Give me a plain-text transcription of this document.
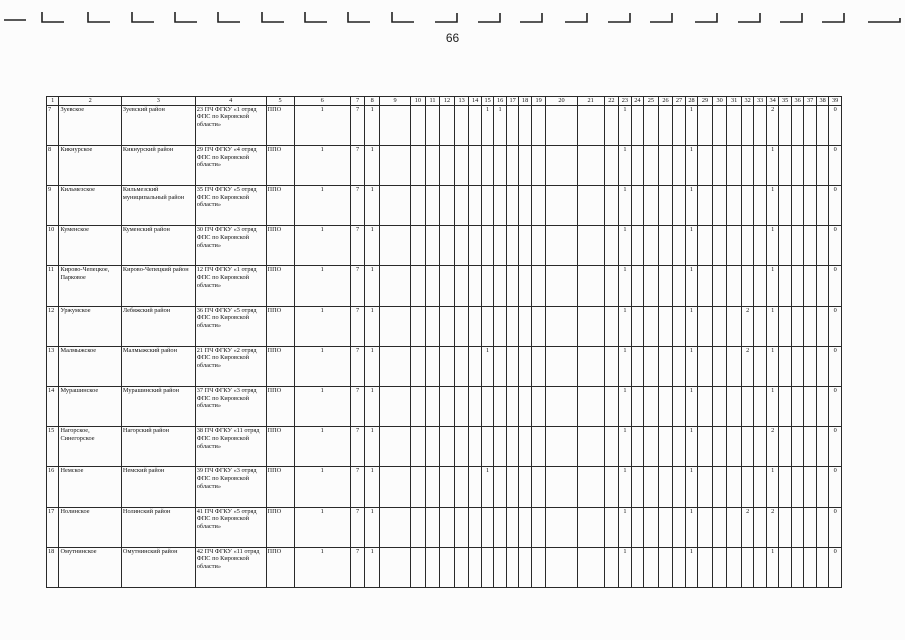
66
1	2	3	4	5	6	7	8	9	10	11	12	13	14	15	16	17	18	19	20	21	22	23	24	25	26	27	28	29	30	31	32	33	34	35	36	37	38	39
7	Зуевское	Зуевский район	23 ПЧ ФГКУ «1 отряд ФПС по Кировской области»	ППО	1	7	1							1	1							1					1						2					0
8	Кикнурское	Кикнурский район	29 ПЧ ФГКУ «4 отряд ФПС по Кировской области»	ППО	1	7	1															1					1						1					0
9	Кильмезское	Кильмезский муниципальный район	35 ПЧ ФГКУ «5 отряд ФПС по Кировской области»	ППО	1	7	1															1					1						1					0
10	Куменское	Куменский район	30 ПЧ ФГКУ «3 отряд ФПС по Кировской области»	ППО	1	7	1															1					1						1					0
11	Кирово-Чепецкое, Парковое	Кирово-Чепецкий район	12 ПЧ ФГКУ «1 отряд ФПС по Кировской области»	ППО	1	7	1															1					1						1					0
12	Уржумское	Лебяжский район	36 ПЧ ФГКУ «5 отряд ФПС по Кировской области»	ППО	1	7	1															1					1				2		1					0
13	Малмыжское	Малмыжский район	21 ПЧ ФГКУ «2 отряд ФПС по Кировской области»	ППО	1	7	1							1								1					1				2		1					0
14	Мурашинское	Мурашинский район	37 ПЧ ФГКУ «3 отряд ФПС по Кировской области»	ППО	1	7	1															1					1						1					0
15	Нагорское, Синегорское	Нагорский район	38 ПЧ ФГКУ «11 отряд ФПС по Кировской области»	ППО	1	7	1															1					1						2					0
16	Немское	Немский район	39 ПЧ ФГКУ «3 отряд ФПС по Кировской области»	ППО	1	7	1							1								1					1						1					0
17	Нолинское	Нолинский район	41 ПЧ ФГКУ «5 отряд ФПС по Кировской области»	ППО	1	7	1															1					1				2		2					0
18	Омутнинское	Омутнинский район	42 ПЧ ФГКУ «11 отряд ФПС по Кировской области»	ППО	1	7	1															1					1						1					0
